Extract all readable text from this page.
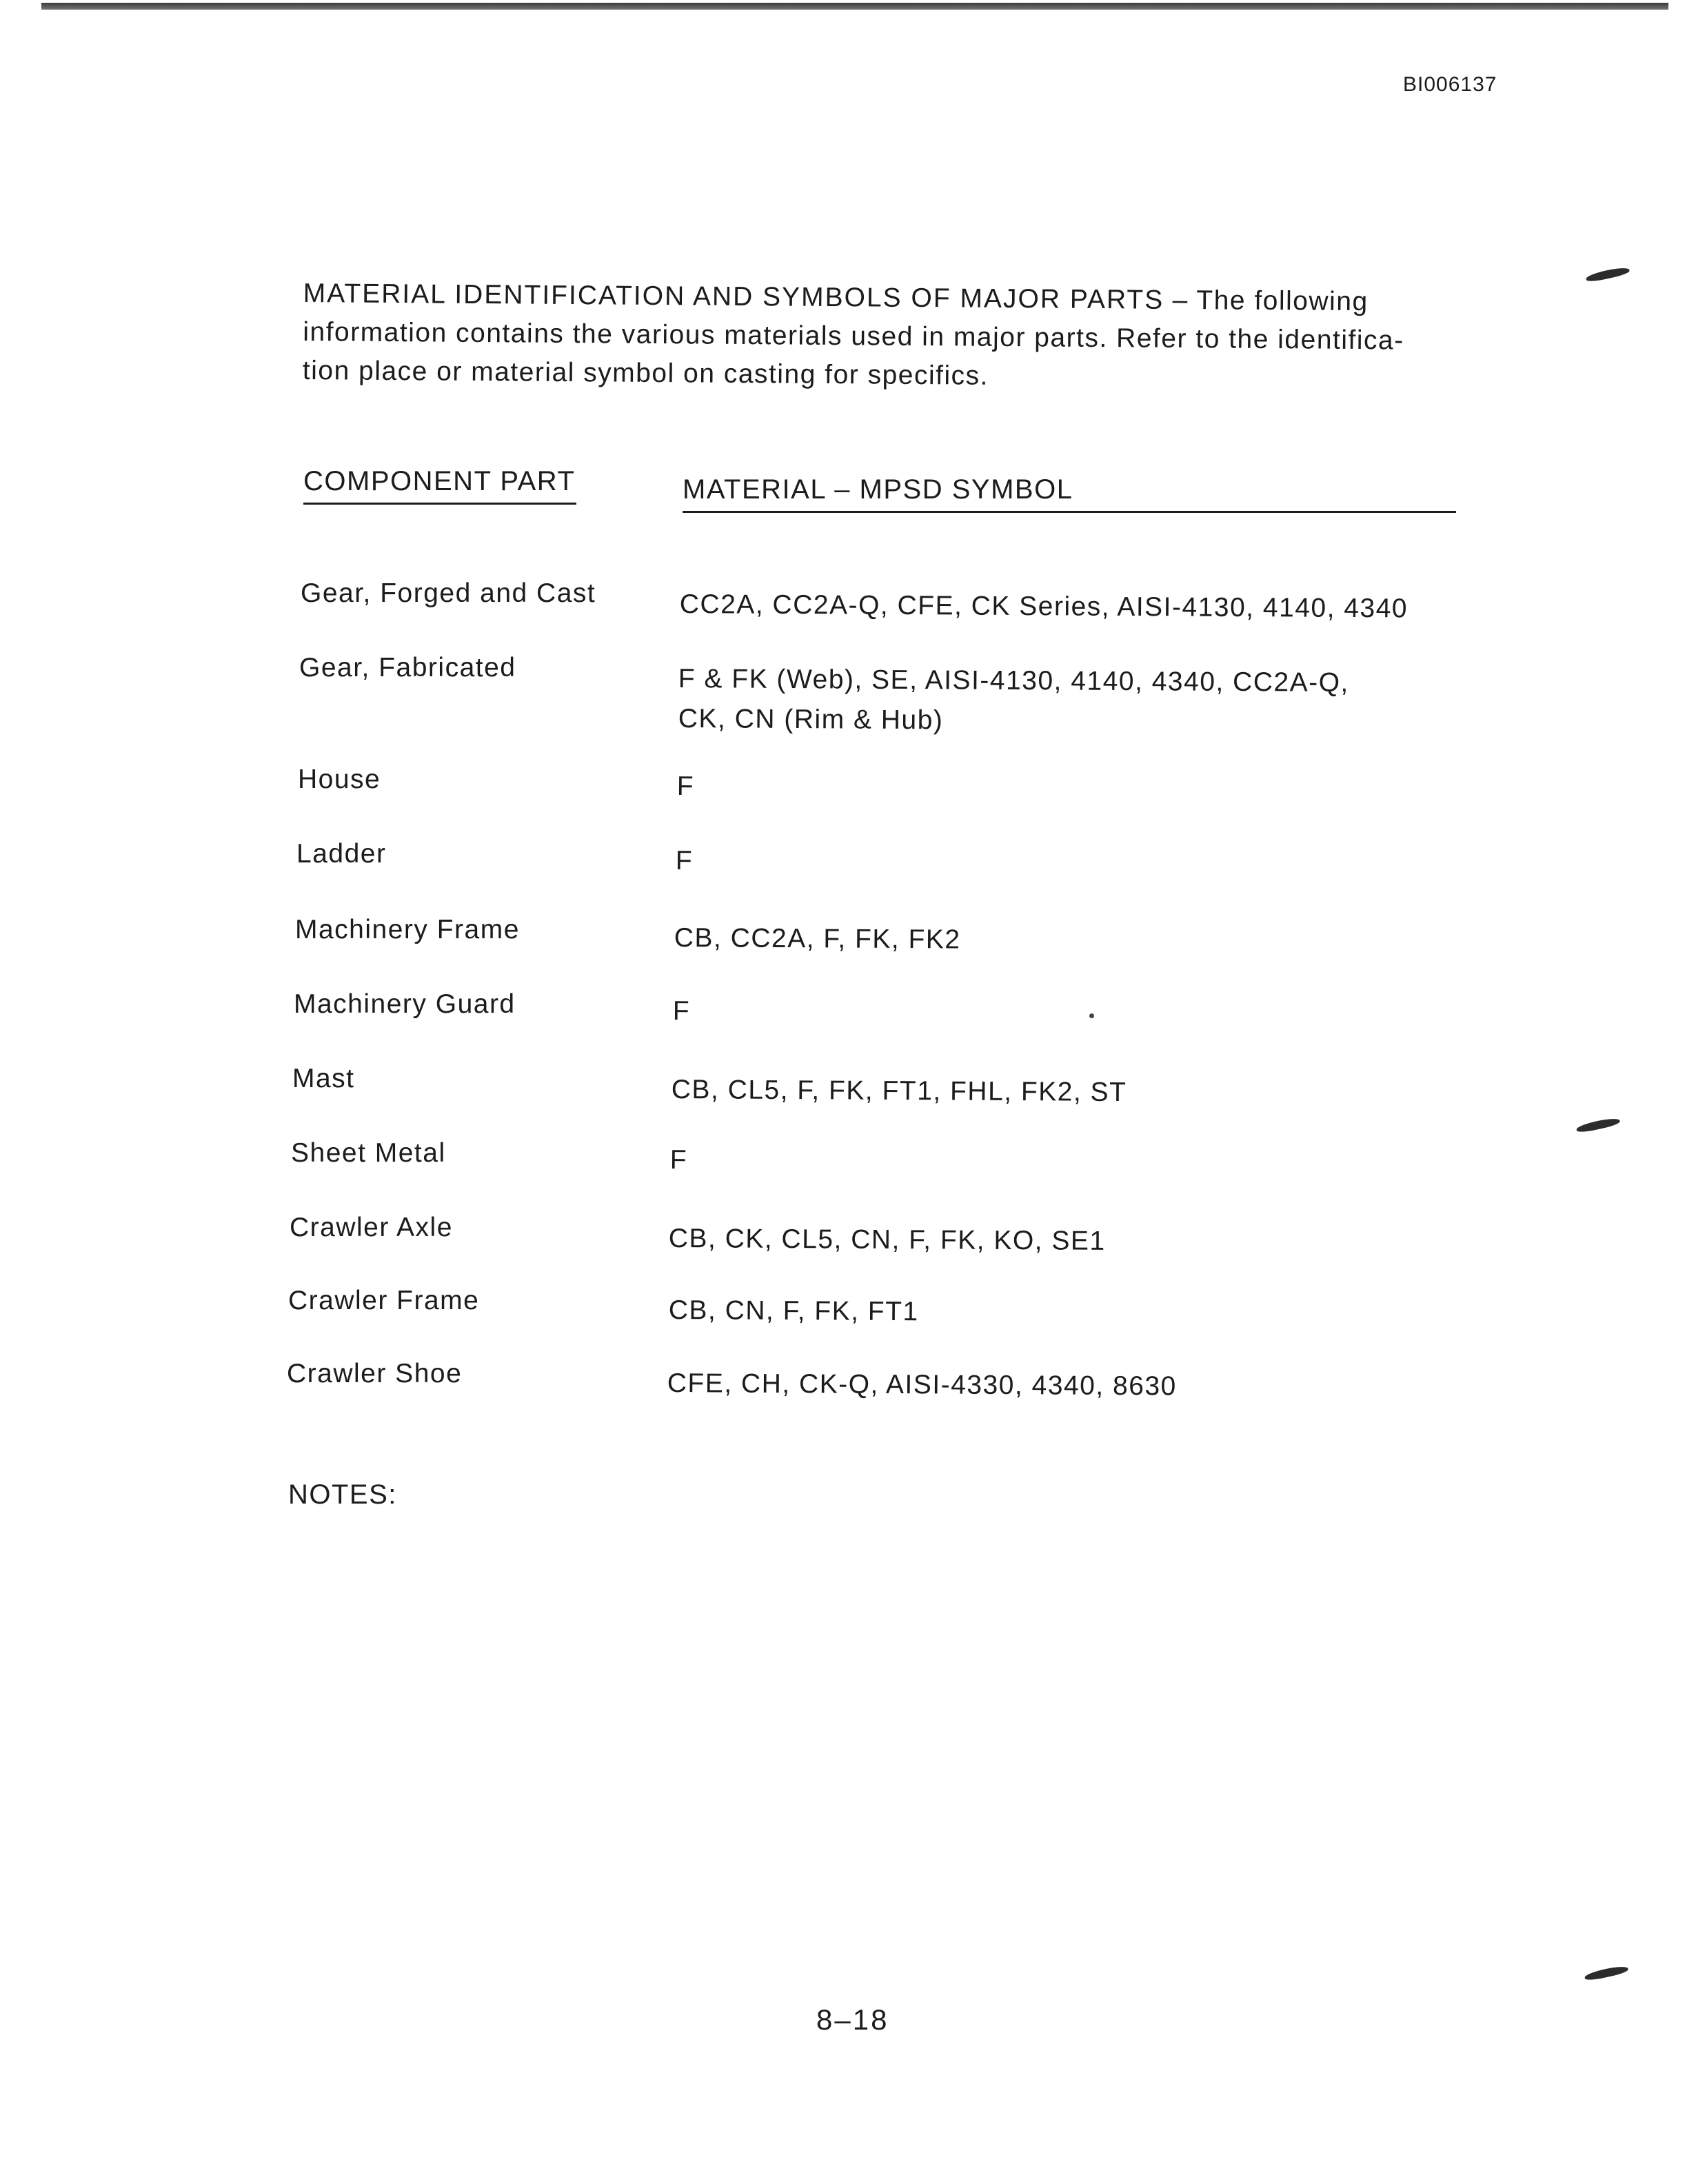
BI006137
MATERIAL IDENTIFICATION AND SYMBOLS OF MAJOR PARTS – The following
information contains the various materials used in major parts. Refer to the identifica-
tion place or material symbol on casting for specifics.
COMPONENT PART	MATERIAL – MPSD SYMBOL
Gear, Forged and Cast	CC2A, CC2A-Q, CFE, CK Series, AISI-4130, 4140, 4340
Gear, Fabricated	F & FK (Web), SE, AISI-4130, 4140, 4340, CC2A-Q,
CK, CN (Rim & Hub)
House	F
Ladder	F
Machinery Frame	CB, CC2A, F, FK, FK2
Machinery Guard	F
Mast	CB, CL5, F, FK, FT1, FHL, FK2, ST
Sheet Metal	F
Crawler Axle	CB, CK, CL5, CN, F, FK, KO, SE1
Crawler Frame	CB, CN, F, FK, FT1
Crawler Shoe	CFE, CH, CK-Q, AISI-4330, 4340, 8630
NOTES:
8–18
